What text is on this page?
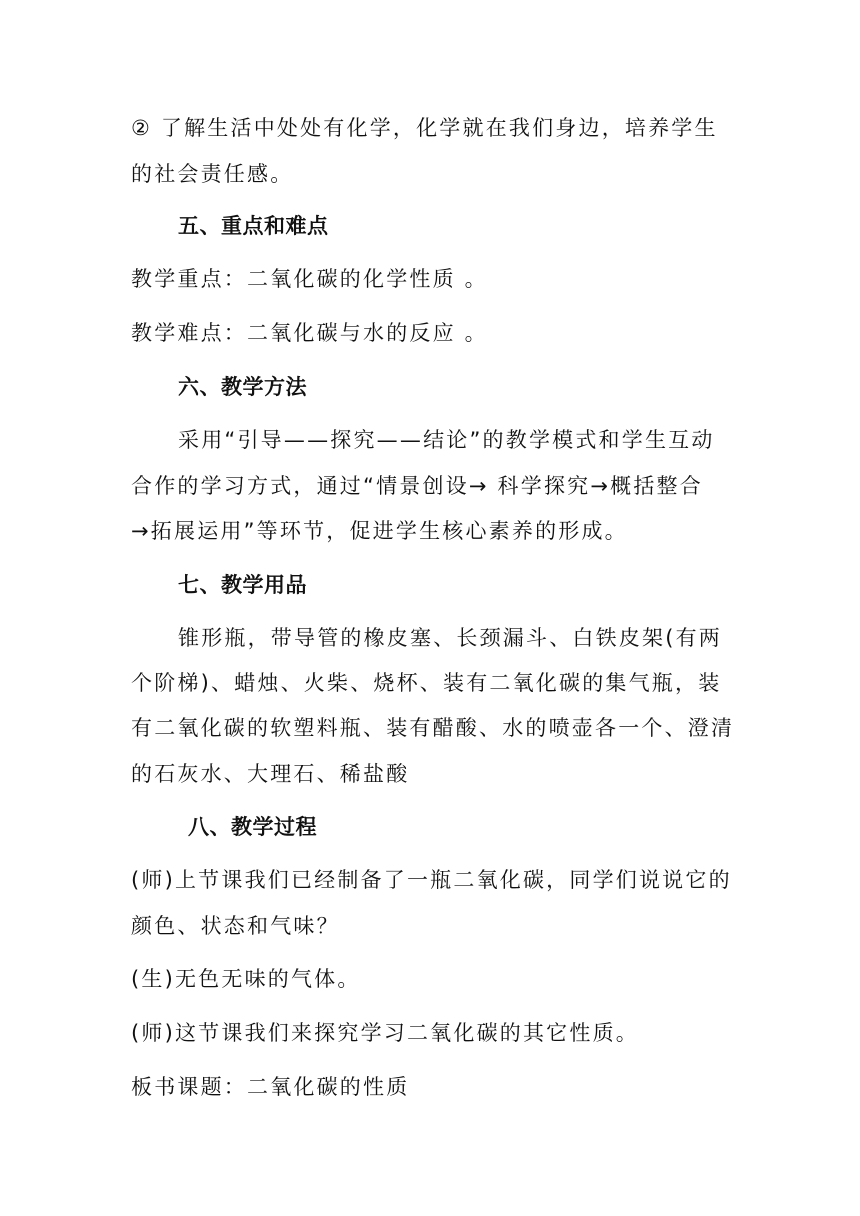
② 了解生活中处处有化学，化学就在我们身边，培养学生
的社会责任感。
五、重点和难点
教学重点：二氧化碳的化学性质 。
教学难点：二氧化碳与水的反应 。
六、教学方法
采用“引导——探究——结论”的教学模式和学生互动
合作的学习方式，通过“情景创设→ 科学探究→概括整合
→拓展运用”等环节，促进学生核心素养的形成。
七、教学用品
锥形瓶，带导管的橡皮塞、长颈漏斗、白铁皮架(有两
个阶梯)、蜡烛、火柴、烧杯、装有二氧化碳的集气瓶，装
有二氧化碳的软塑料瓶、装有醋酸、水的喷壶各一个、澄清
的石灰水、大理石、稀盐酸
八、教学过程
(师)上节课我们已经制备了一瓶二氧化碳，同学们说说它的
颜色、状态和气味？
(生)无色无味的气体。
(师)这节课我们来探究学习二氧化碳的其它性质。
板书课题：二氧化碳的性质
